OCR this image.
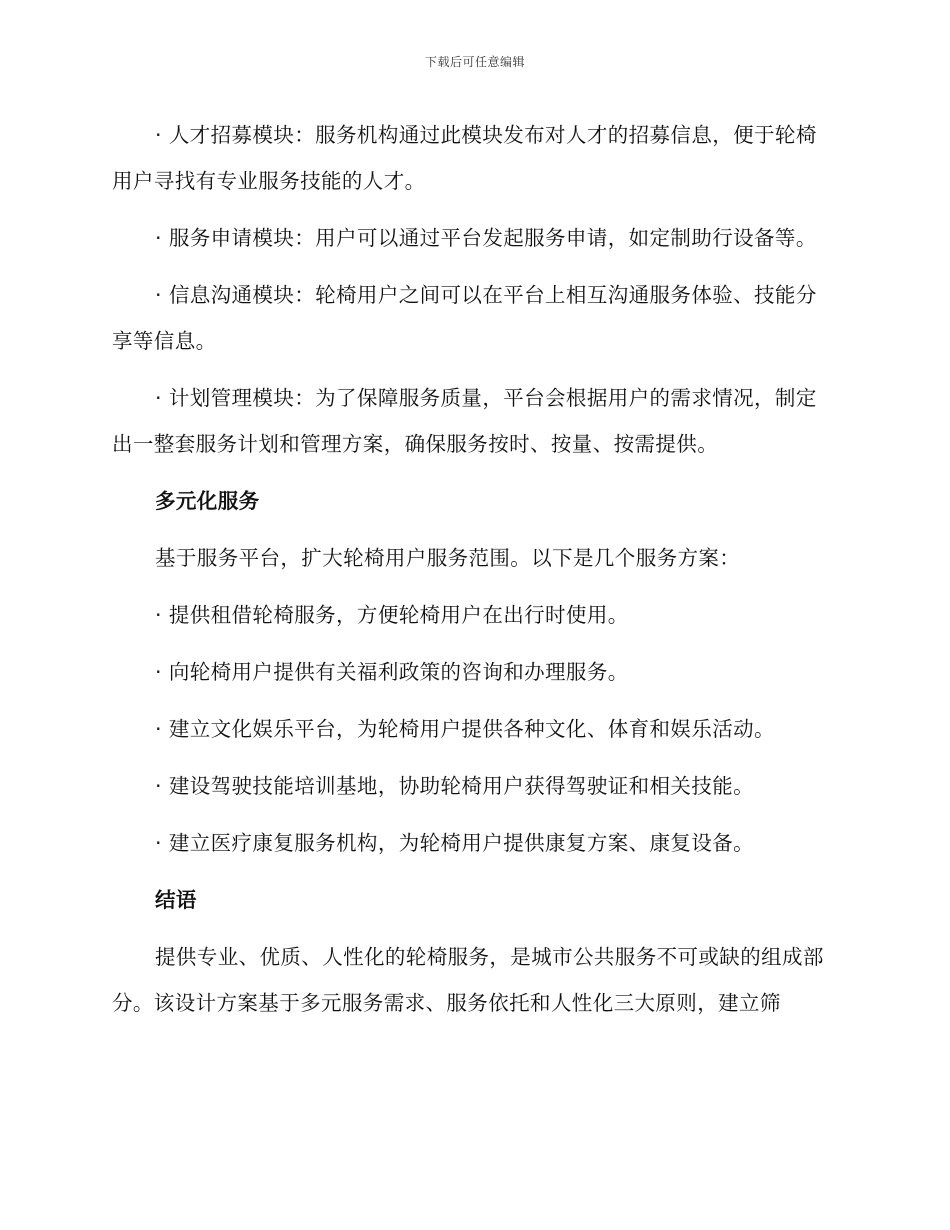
下载后可任意编辑

· 人才招募模块：服务机构通过此模块发布对人才的招募信息，便于轮椅用户寻找有专业服务技能的人才。

· 服务申请模块：用户可以通过平台发起服务申请，如定制助行设备等。

· 信息沟通模块：轮椅用户之间可以在平台上相互沟通服务体验、技能分享等信息。

· 计划管理模块：为了保障服务质量，平台会根据用户的需求情况，制定出一整套服务计划和管理方案，确保服务按时、按量、按需提供。

多元化服务

基于服务平台，扩大轮椅用户服务范围。以下是几个服务方案：

· 提供租借轮椅服务，方便轮椅用户在出行时使用。

· 向轮椅用户提供有关福利政策的咨询和办理服务。

· 建立文化娱乐平台，为轮椅用户提供各种文化、体育和娱乐活动。

· 建设驾驶技能培训基地，协助轮椅用户获得驾驶证和相关技能。

· 建立医疗康复服务机构，为轮椅用户提供康复方案、康复设备。

结语

提供专业、优质、人性化的轮椅服务，是城市公共服务不可或缺的组成部分。该设计方案基于多元服务需求、服务依托和人性化三大原则，建立筛
